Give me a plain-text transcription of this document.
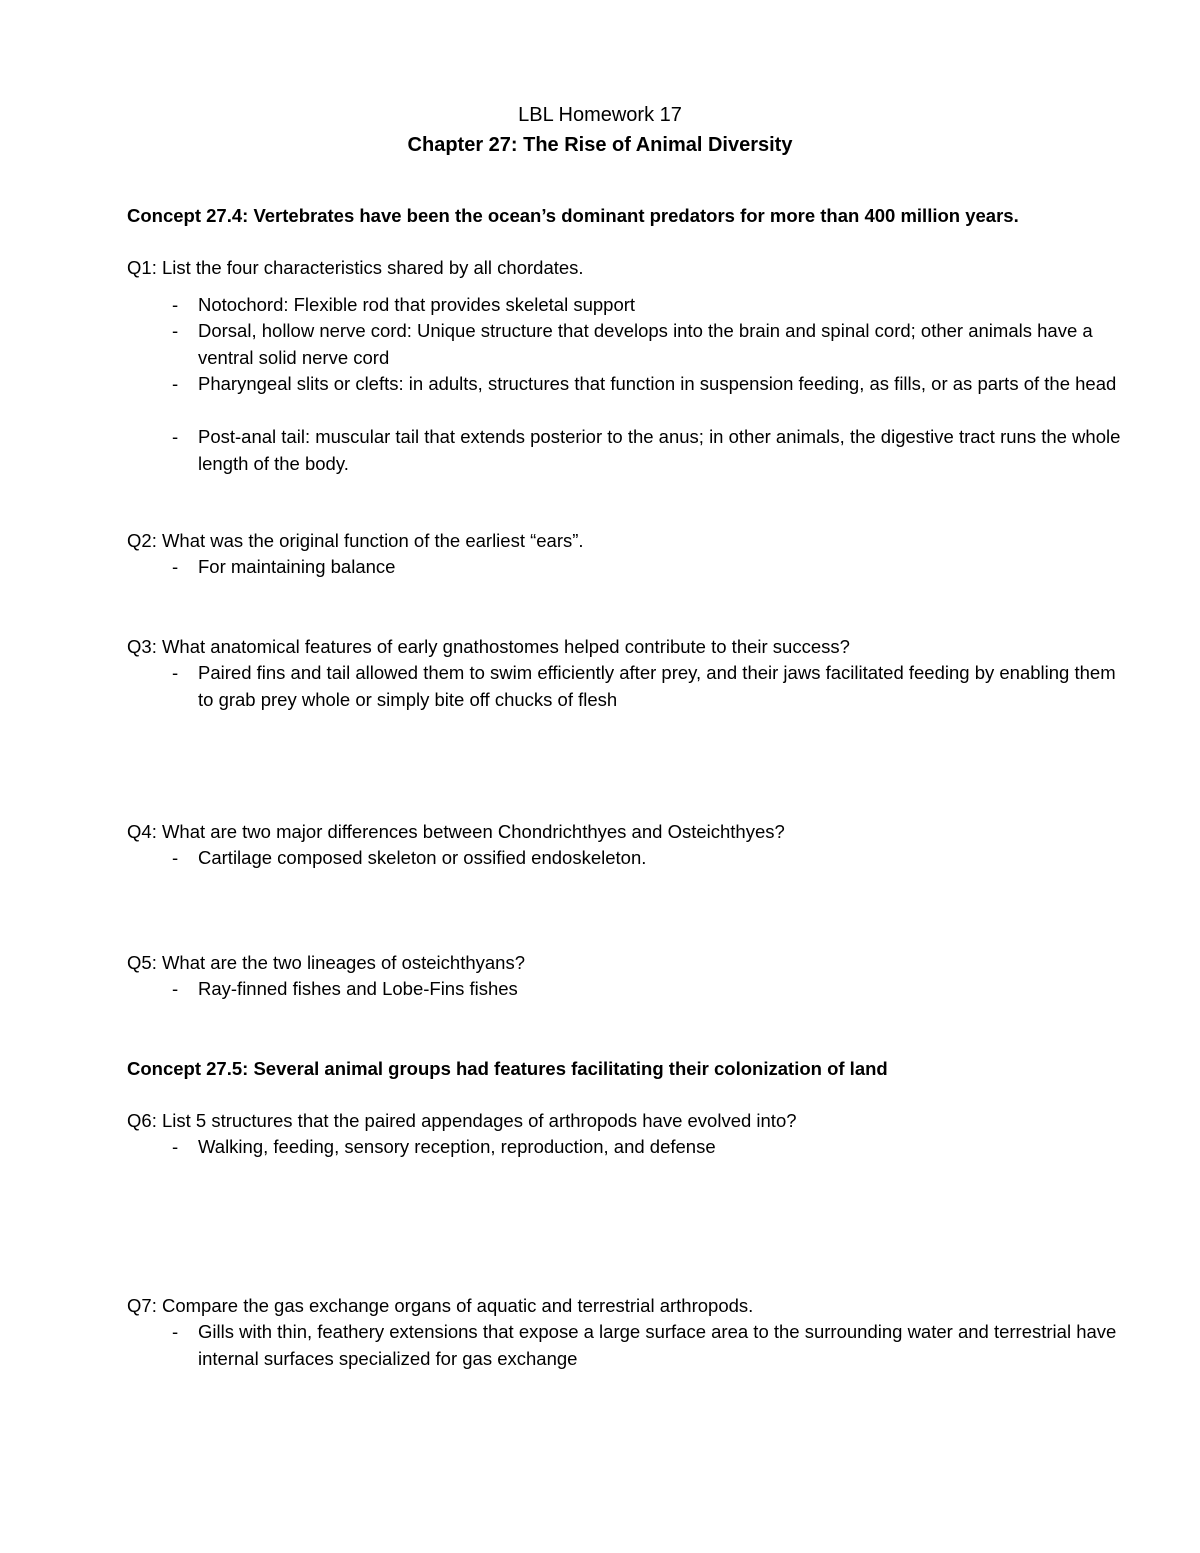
LBL Homework 17
Chapter 27: The Rise of Animal Diversity
Concept 27.4: Vertebrates have been the ocean’s dominant predators for more than 400 million years.
Q1: List the four characteristics shared by all chordates.
- Notochord: Flexible rod that provides skeletal support
- Dorsal, hollow nerve cord: Unique structure that develops into the brain and spinal cord; other animals have a ventral solid nerve cord
- Pharyngeal slits or clefts: in adults, structures that function in suspension feeding, as fills, or as parts of the head
- Post-anal tail: muscular tail that extends posterior to the anus; in other animals, the digestive tract runs the whole length of the body.
Q2: What was the original function of the earliest “ears”.
- For maintaining balance
Q3: What anatomical features of early gnathostomes helped contribute to their success?
- Paired fins and tail allowed them to swim efficiently after prey, and their jaws facilitated feeding by enabling them to grab prey whole or simply bite off chucks of flesh
Q4: What are two major differences between Chondrichthyes and Osteichthyes?
- Cartilage composed skeleton or ossified endoskeleton.
Q5: What are the two lineages of osteichthyans?
- Ray-finned fishes and Lobe-Fins fishes
Concept 27.5: Several animal groups had features facilitating their colonization of land
Q6: List 5 structures that the paired appendages of arthropods have evolved into?
- Walking, feeding, sensory reception, reproduction, and defense
Q7: Compare the gas exchange organs of aquatic and terrestrial arthropods.
- Gills with thin, feathery extensions that expose a large surface area to the surrounding water and terrestrial have internal surfaces specialized for gas exchange
